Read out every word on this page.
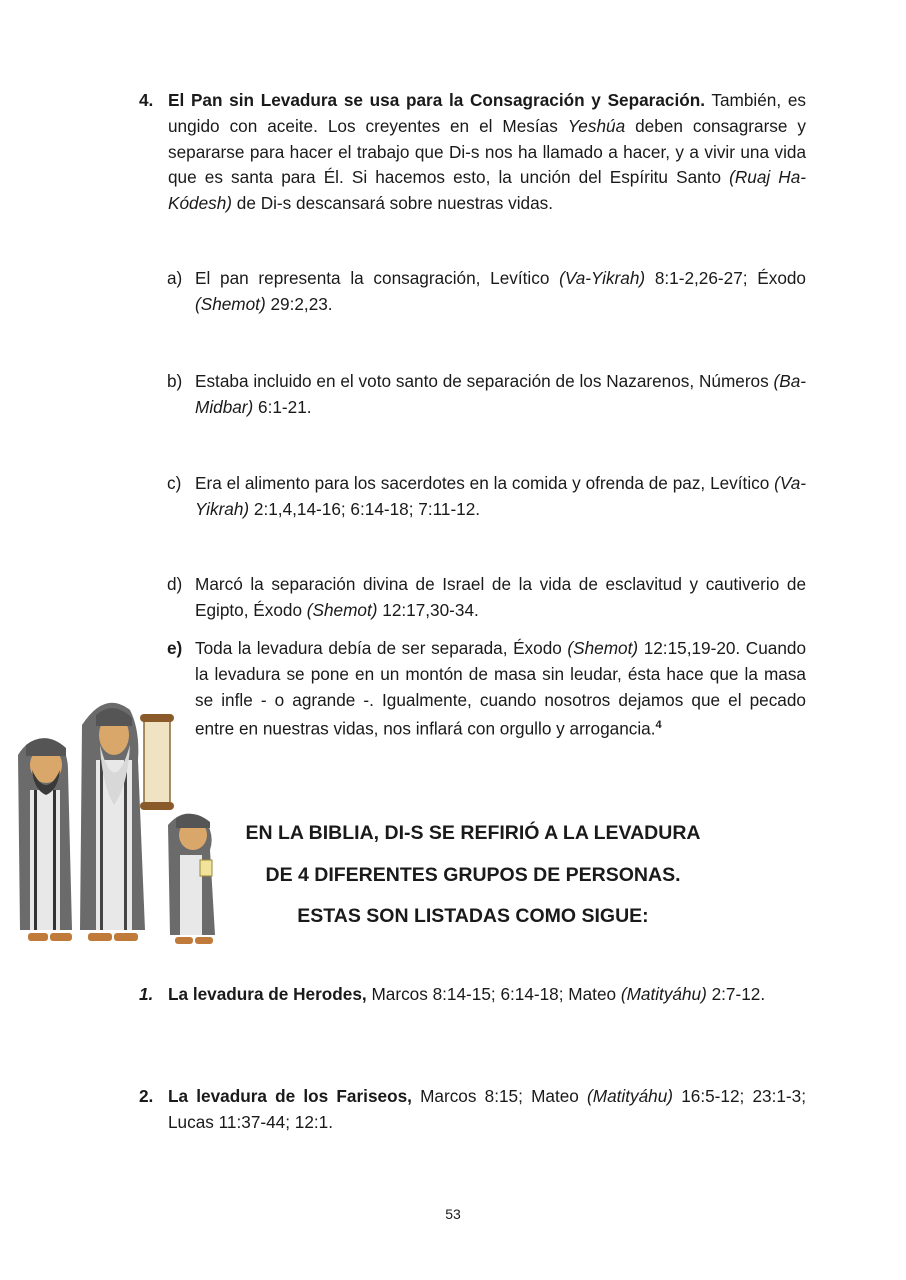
4. El Pan sin Levadura se usa para la Consagración y Separación. También, es ungido con aceite. Los creyentes en el Mesías Yeshúa deben consagrarse y separarse para hacer el trabajo que Di-s nos ha llamado a hacer, y a vivir una vida que es santa para Él. Si hacemos esto, la unción del Espíritu Santo (Ruaj Ha-Kódesh) de Di-s descansará sobre nuestras vidas.
a) El pan representa la consagración, Levítico (Va-Yikrah) 8:1-2,26-27; Éxodo (Shemot) 29:2,23.
b) Estaba incluido en el voto santo de separación de los Nazarenos, Números (Ba-Midbar) 6:1-21.
c) Era el alimento para los sacerdotes en la comida y ofrenda de paz, Levítico (Va-Yikrah) 2:1,4,14-16; 6:14-18; 7:11-12.
d) Marcó la separación divina de Israel de la vida de esclavitud y cautiverio de Egipto, Éxodo (Shemot) 12:17,30-34.
e) Toda la levadura debía de ser separada, Éxodo (Shemot) 12:15,19-20. Cuando la levadura se pone en un montón de masa sin leudar, ésta hace que la masa se infle - o agrande -. Igualmente, cuando nosotros dejamos que el pecado entre en nuestras vidas, nos inflará con orgullo y arrogancia.$^4$
EN LA BIBLIA, DI-S SE REFIRIÓ A LA LEVADURA
DE 4 DIFERENTES GRUPOS DE PERSONAS.
ESTAS SON LISTADAS COMO SIGUE:
1. La levadura de Herodes, Marcos 8:14-15; 6:14-18; Mateo (Matityáhu) 2:7-12.
2. La levadura de los Fariseos, Marcos 8:15; Mateo (Matityáhu) 16:5-12; 23:1-3; Lucas 11:37-44; 12:1.
53
